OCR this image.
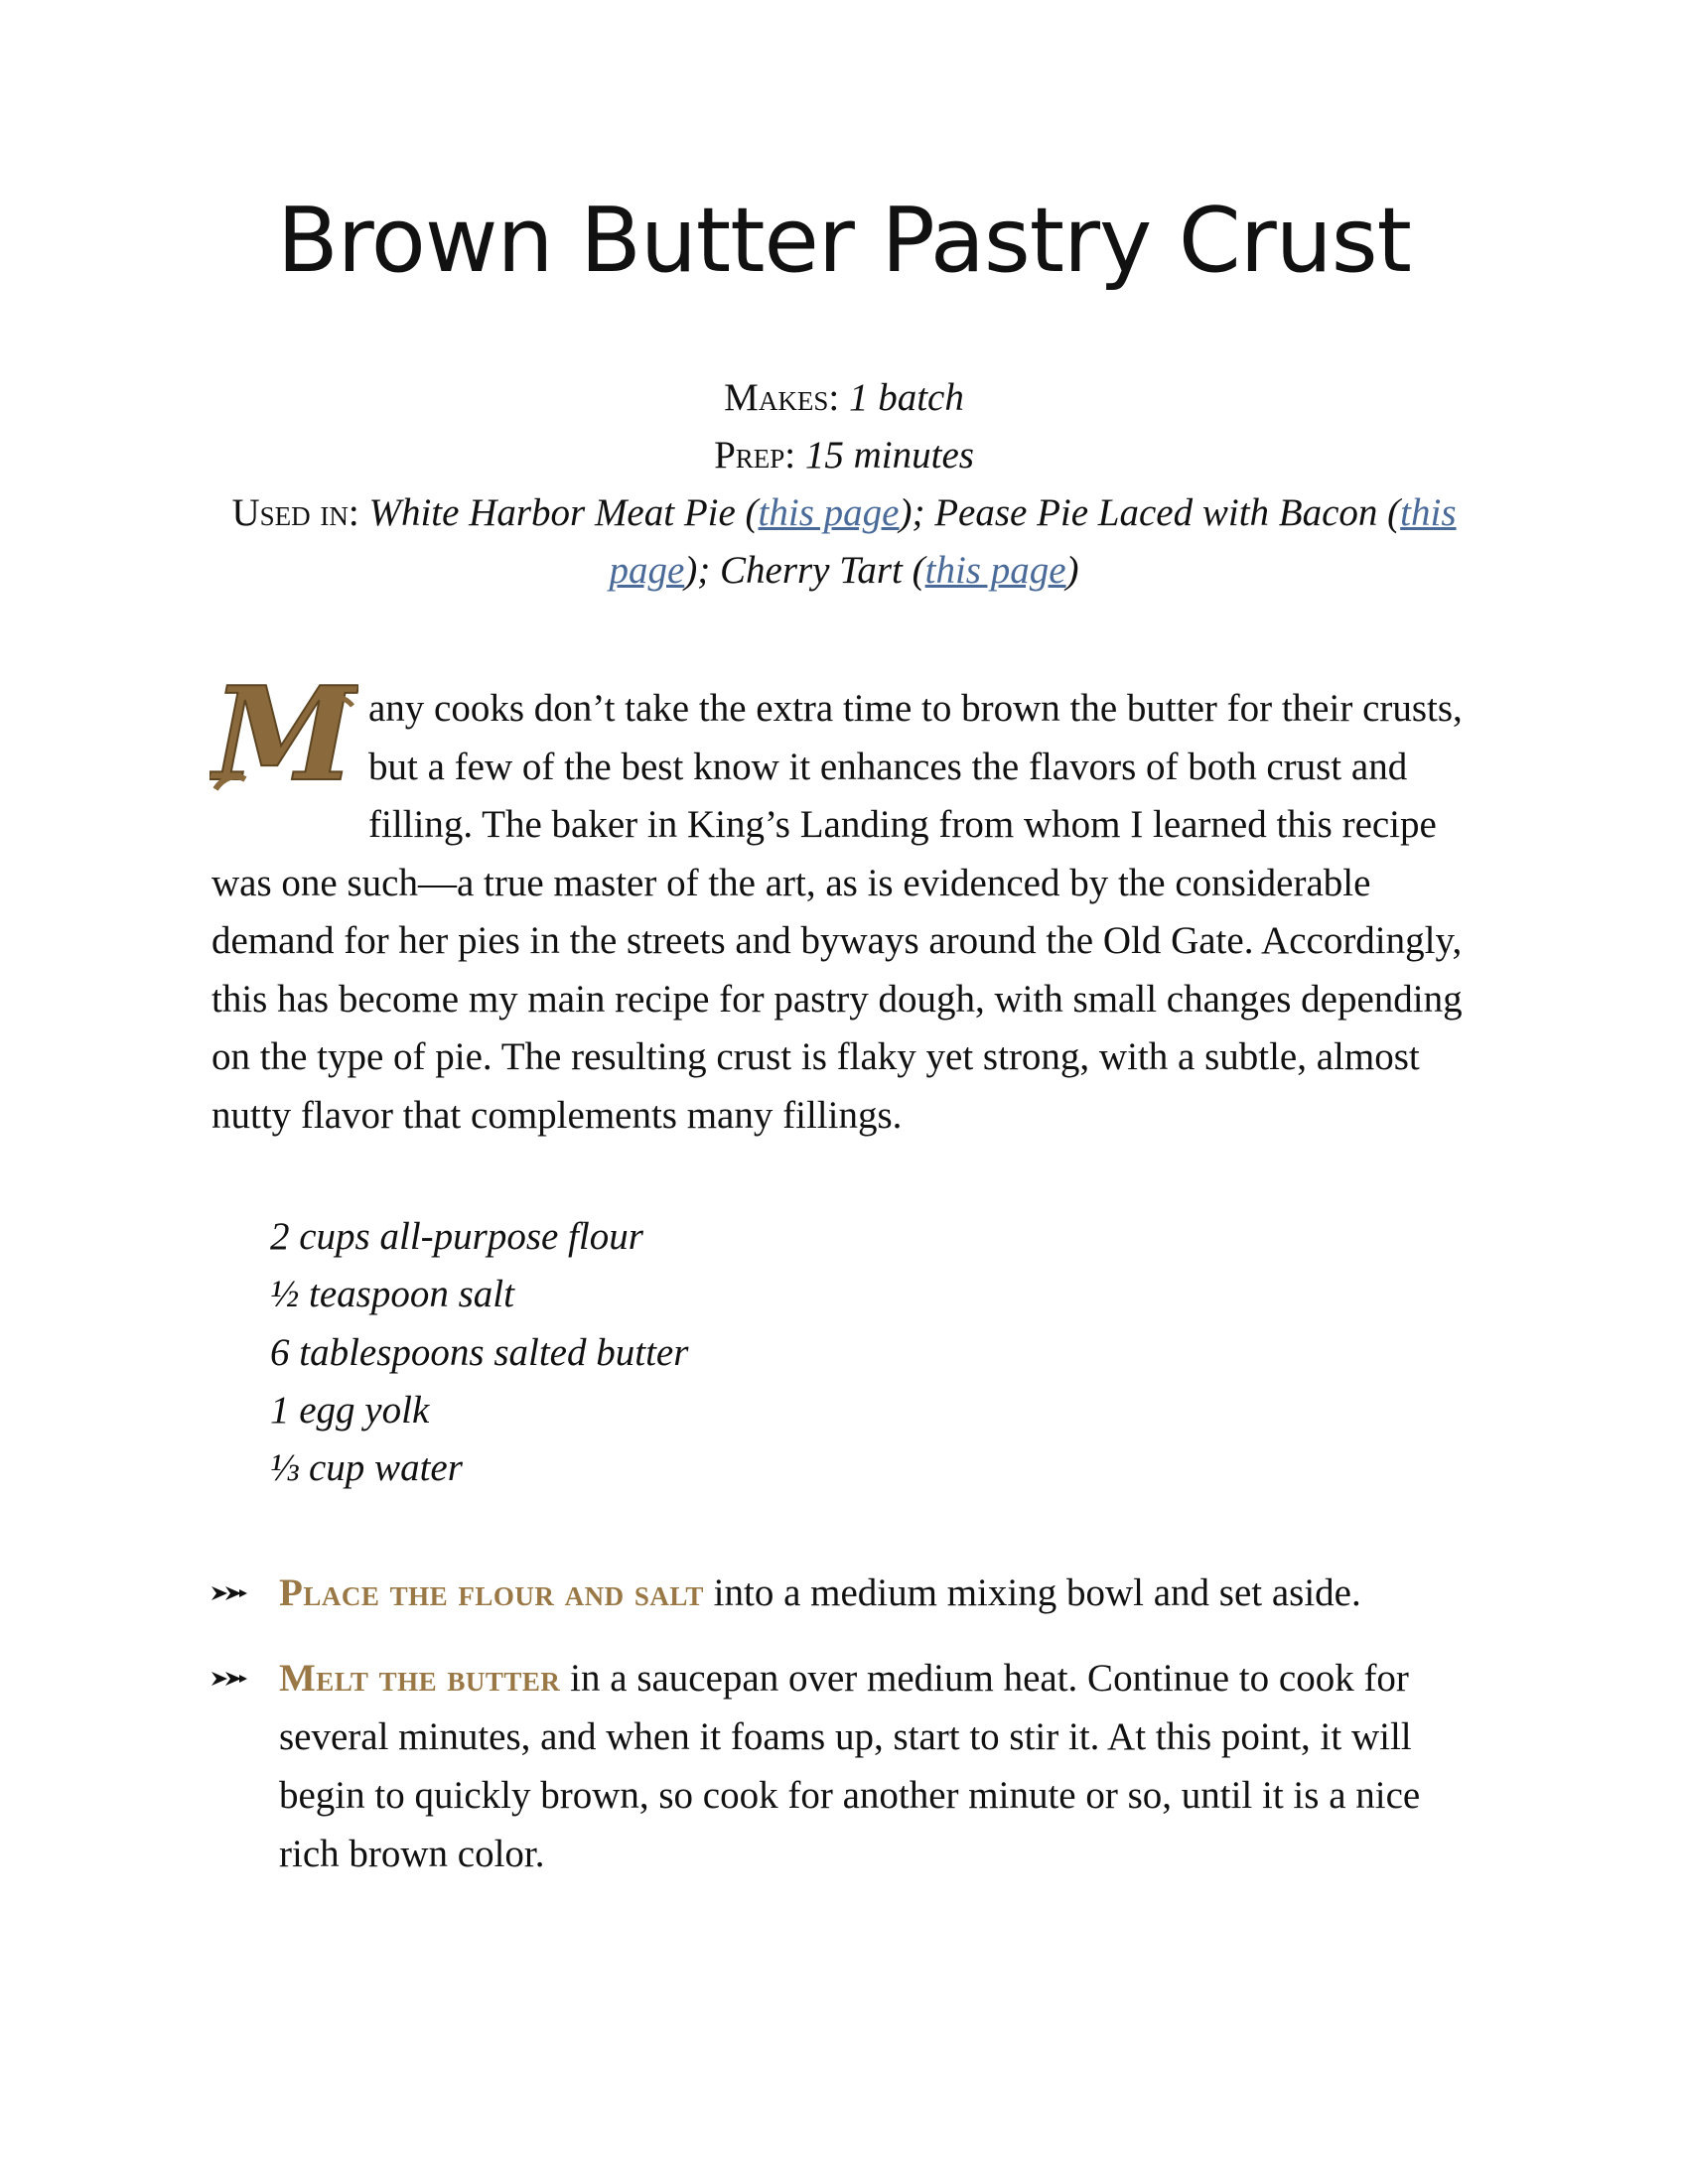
Brown Butter Pastry Crust
Makes: 1 batch
Prep: 15 minutes
Used in: White Harbor Meat Pie (this page); Pease Pie Laced with Bacon (this page); Cherry Tart (this page)

M any cooks don’t take the extra time to brown the butter for their crusts, but a few of the best know it enhances the flavors of both crust and filling. The baker in King’s Landing from whom I learned this recipe was one such—a true master of the art, as is evidenced by the considerable demand for her pies in the streets and byways around the Old Gate. Accordingly, this has become my main recipe for pastry dough, with small changes depending on the type of pie. The resulting crust is flaky yet strong, with a subtle, almost nutty flavor that complements many fillings.

2 cups all-purpose flour
½ teaspoon salt
6 tablespoons salted butter
1 egg yolk
⅓ cup water
Place the flour and salt into a medium mixing bowl and set aside.
Melt the butter in a saucepan over medium heat. Continue to cook for several minutes, and when it foams up, start to stir it. At this point, it will begin to quickly brown, so cook for another minute or so, until it is a nice rich brown color.
